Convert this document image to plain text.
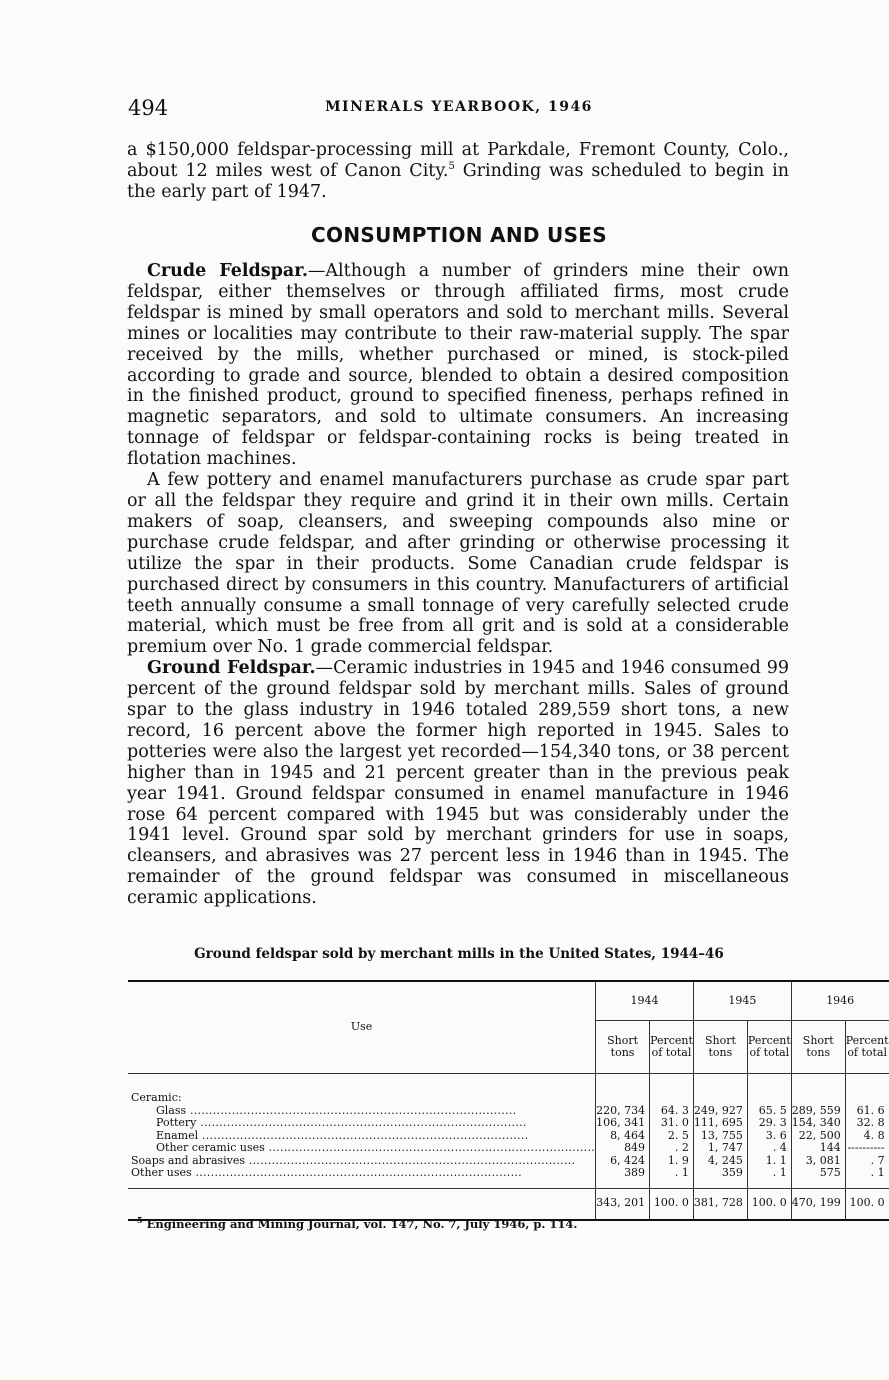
494	MINERALS YEARBOOK, 1946

a $150,000 feldspar-processing mill at Parkdale, Fremont County, Colo., about 12 miles west of Canon City.$^5$ Grinding was scheduled to begin in the early part of 1947.

CONSUMPTION AND USES

Crude Feldspar.—Although a number of grinders mine their own feldspar, either themselves or through affiliated firms, most crude feldspar is mined by small operators and sold to merchant mills. Several mines or localities may contribute to their raw-material supply. The spar received by the mills, whether purchased or mined, is stock-piled according to grade and source, blended to obtain a desired composition in the finished product, ground to specified fineness, perhaps refined in magnetic separators, and sold to ultimate consumers. An increasing tonnage of feldspar or feldspar-containing rocks is being treated in flotation machines.

A few pottery and enamel manufacturers purchase as crude spar part or all the feldspar they require and grind it in their own mills. Certain makers of soap, cleansers, and sweeping compounds also mine or purchase crude feldspar, and after grinding or otherwise processing it utilize the spar in their products. Some Canadian crude feldspar is purchased direct by consumers in this country. Manufacturers of artificial teeth annually consume a small tonnage of very carefully selected crude material, which must be free from all grit and is sold at a considerable premium over No. 1 grade commercial feldspar.

Ground Feldspar.—Ceramic industries in 1945 and 1946 consumed 99 percent of the ground feldspar sold by merchant mills. Sales of ground spar to the glass industry in 1946 totaled 289,559 short tons, a new record, 16 percent above the former high reported in 1945. Sales to potteries were also the largest yet recorded—154,340 tons, or 38 percent higher than in 1945 and 21 percent greater than in the previous peak year 1941. Ground feldspar consumed in enamel manufacture in 1946 rose 64 percent compared with 1945 but was considerably under the 1941 level. Ground spar sold by merchant grinders for use in soaps, cleansers, and abrasives was 27 percent less in 1946 than in 1945. The remainder of the ground feldspar was consumed in miscellaneous ceramic applications.

Ground feldspar sold by merchant mills in the United States, 1944–46
Use	1944		1945		1946	
	Short tons	Percent of total	Short tons	Percent of total	Short tons	Percent of total

Ceramic:						
Glass .....	220, 734	64. 3	249, 927	65. 5	289, 559	61. 6
Pottery .....	106, 341	31. 0	111, 695	29. 3	154, 340	32. 8
Enamel .....	8, 464	2. 5	13, 755	3. 6	22, 500	4. 8
Other ceramic uses .....	849	. 2	1, 747	. 4	144	----------
Soaps and abrasives .....	6, 424	1. 9	4, 245	1. 1	3, 081	. 7
Other uses .....	389	. 1	359	. 1	575	. 1

	343, 201	100. 0	381, 728	100. 0	470, 199	100. 0
$^5$ Engineering and Mining Journal, vol. 147, No. 7, July 1946, p. 114.
